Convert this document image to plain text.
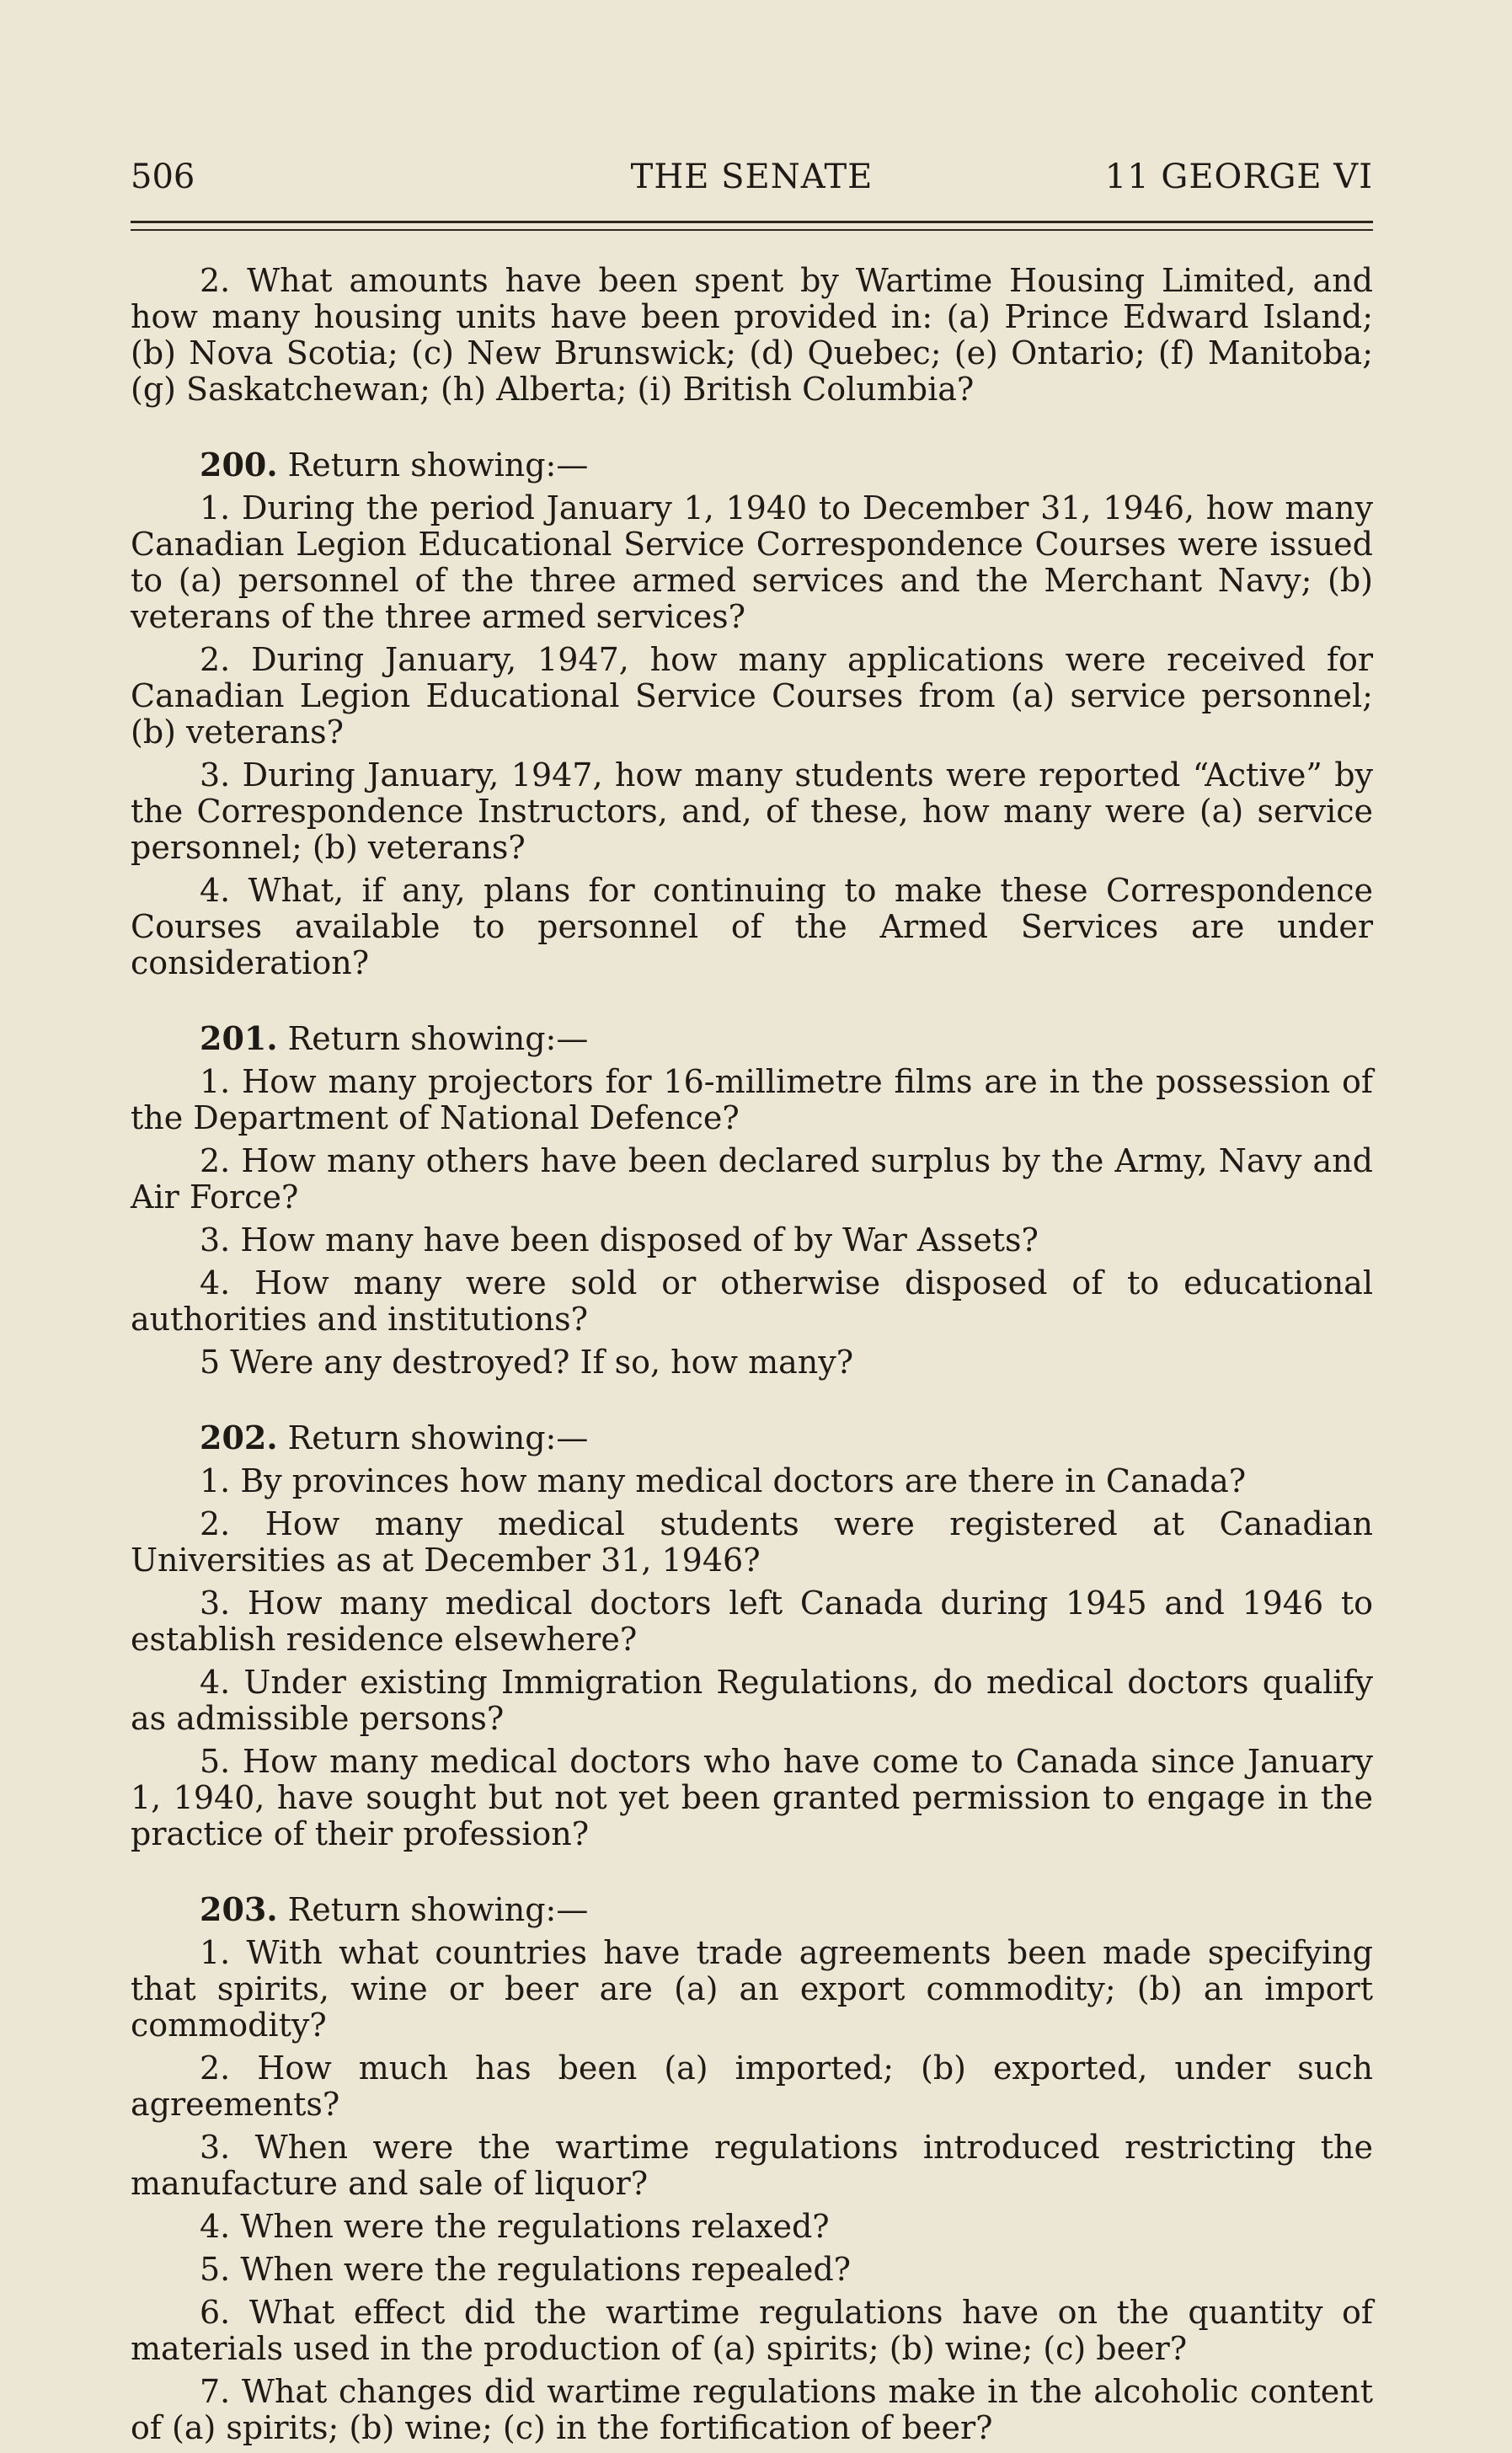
506	THE SENATE	11 GEORGE VI

2. What amounts have been spent by Wartime Housing Limited, and how many housing units have been provided in: (a) Prince Edward Island; (b) Nova Scotia; (c) New Brunswick; (d) Quebec; (e) Ontario; (f) Manitoba; (g) Saskatchewan; (h) Alberta; (i) British Columbia?

200. Return showing:—

1. During the period January 1, 1940 to December 31, 1946, how many Canadian Legion Educational Service Correspondence Courses were issued to (a) personnel of the three armed services and the Merchant Navy; (b) veterans of the three armed services?

2. During January, 1947, how many applications were received for Canadian Legion Educational Service Courses from (a) service personnel; (b) veterans?

3. During January, 1947, how many students were reported “Active” by the Correspondence Instructors, and, of these, how many were (a) service personnel; (b) veterans?

4. What, if any, plans for continuing to make these Correspondence Courses available to personnel of the Armed Services are under consideration?

201. Return showing:—

1. How many projectors for 16-millimetre films are in the possession of the Department of National Defence?

2. How many others have been declared surplus by the Army, Navy and Air Force?

3. How many have been disposed of by War Assets?

4. How many were sold or otherwise disposed of to educational authorities and institutions?

5 Were any destroyed? If so, how many?

202. Return showing:—

1. By provinces how many medical doctors are there in Canada?

2. How many medical students were registered at Canadian Universities as at December 31, 1946?

3. How many medical doctors left Canada during 1945 and 1946 to establish residence elsewhere?

4. Under existing Immigration Regulations, do medical doctors qualify as admissible persons?

5. How many medical doctors who have come to Canada since January 1, 1940, have sought but not yet been granted permission to engage in the practice of their profession?

203. Return showing:—

1. With what countries have trade agreements been made specifying that spirits, wine or beer are (a) an export commodity; (b) an import commodity?

2. How much has been (a) imported; (b) exported, under such agreements?

3. When were the wartime regulations introduced restricting the manufacture and sale of liquor?

4. When were the regulations relaxed?

5. When were the regulations repealed?

6. What effect did the wartime regulations have on the quantity of materials used in the production of (a) spirits; (b) wine; (c) beer?

7. What changes did wartime regulations make in the alcoholic content of (a) spirits; (b) wine; (c) in the fortification of beer?
